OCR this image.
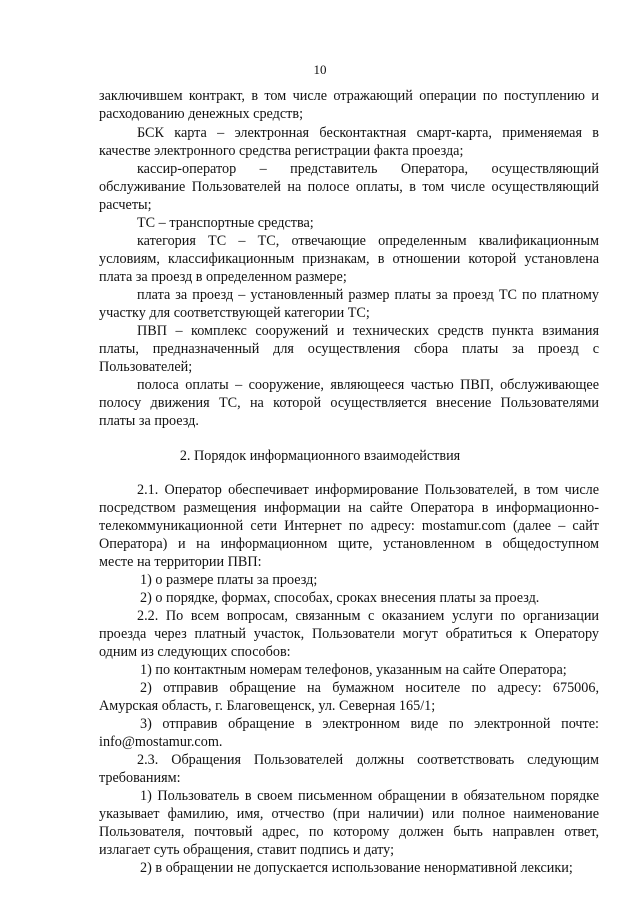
10
заключившем контракт, в том числе отражающий операции по поступлению и
расходованию денежных средств;
БСК карта – электронная бесконтактная смарт-карта, применяемая в
качестве электронного средства регистрации факта проезда;
кассир-оператор – представитель Оператора, осуществляющий
обслуживание Пользователей на полосе оплаты, в том числе осуществляющий
расчеты;
ТС – транспортные средства;
категория ТС – ТС, отвечающие определенным квалификационным
условиям, классификационным признакам, в отношении которой установлена
плата за проезд в определенном размере;
плата за проезд – установленный размер платы за проезд ТС по платному
участку для соответствующей категории ТС;
ПВП – комплекс сооружений и технических средств пункта взимания
платы, предназначенный для осуществления сбора платы за проезд с
Пользователей;
полоса оплаты – сооружение, являющееся частью ПВП, обслуживающее
полосу движения ТС, на которой осуществляется внесение Пользователями
платы за проезд.
2. Порядок информационного взаимодействия
2.1. Оператор обеспечивает информирование Пользователей, в том числе
посредством размещения информации на сайте Оператора в информационно-
телекоммуникационной сети Интернет по адресу: mostamur.com (далее – сайт
Оператора) и на информационном щите, установленном в общедоступном
месте на территории ПВП:
1) о размере платы за проезд;
2) о порядке, формах, способах, сроках внесения платы за проезд.
2.2. По всем вопросам, связанным с оказанием услуги по организации
проезда через платный участок, Пользователи могут обратиться к Оператору
одним из следующих способов:
1) по контактным номерам телефонов, указанным на сайте Оператора;
2) отправив обращение на бумажном носителе по адресу: 675006,
Амурская область, г. Благовещенск, ул. Северная 165/1;
3) отправив обращение в электронном виде по электронной почте:
info@mostamur.com.
2.3. Обращения Пользователей должны соответствовать следующим
требованиям:
1) Пользователь в своем письменном обращении в обязательном порядке
указывает фамилию, имя, отчество (при наличии) или полное наименование
Пользователя, почтовый адрес, по которому должен быть направлен ответ,
излагает суть обращения, ставит подпись и дату;
2) в обращении не допускается использование ненормативной лексики;
